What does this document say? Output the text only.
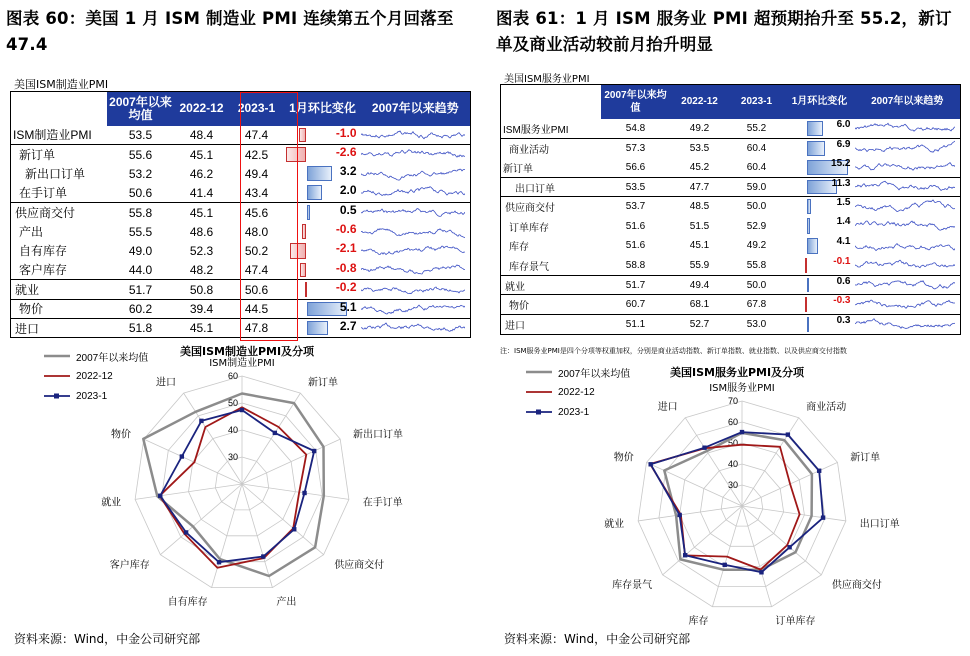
图表 60：美国 1 月 ISM 制造业 PMI 连续第五个月回落至 47.4
美国ISM制造业PMI
	2007年以来均值	2022-12	2023-1	1月环比变化	2007年以来趋势
ISM制造业PMI	53.5	48.4	47.4	-1.0

新订单	55.6	45.1	42.5	-2.6

新出口订单	53.2	46.2	49.4	3.2

在手订单	50.6	41.4	43.4	2.0

供应商交付	55.8	45.1	45.6	0.5

产出	55.5	48.6	48.0	-0.6

自有库存	49.0	52.3	50.2	-2.1

客户库存	44.0	48.2	47.4	-0.8

就业	51.7	50.8	50.6	-0.2

物价	60.2	39.4	44.5	5.1

进口	51.8	45.1	47.8	2.7

2007年以来均值
2022-12
2023-1
美国ISM制造业PMI及分项
30
40
50
60
ISM制造业PMI
新订单
新出口订单
在手订单
供应商交付
产出
自有库存
客户库存
就业
物价
进口
资料来源：Wind，中金公司研究部
图表 61：1 月 ISM 服务业 PMI 超预期抬升至 55.2，新订单及商业活动较前月抬升明显
美国ISM服务业PMI
	2007年以来均值	2022-12	2023-1	1月环比变化	2007年以来趋势
ISM服务业PMI	54.8	49.2	55.2	6.0

商业活动	57.3	53.5	60.4	6.9

新订单	56.6	45.2	60.4	15.2

出口订单	53.5	47.7	59.0	11.3

供应商交付	53.7	48.5	50.0	1.5

订单库存	51.6	51.5	52.9	1.4

库存	51.6	45.1	49.2	4.1

库存景气	58.8	55.9	55.8	-0.1

就业	51.7	49.4	50.0	0.6

物价	60.7	68.1	67.8	-0.3

进口	51.1	52.7	53.0	0.3

注：ISM服务业PMI是四个分项等权重加权，分别是商业活动指数、新订单指数、就业指数、以及供应商交付指数
2007年以来均值
2022-12
2023-1
美国ISM服务业PMI及分项
30
40
50
60
70
ISM服务业PMI
商业活动
新订单
出口订单
供应商交付
订单库存
库存
库存景气
就业
物价
进口
资料来源：Wind，中金公司研究部
